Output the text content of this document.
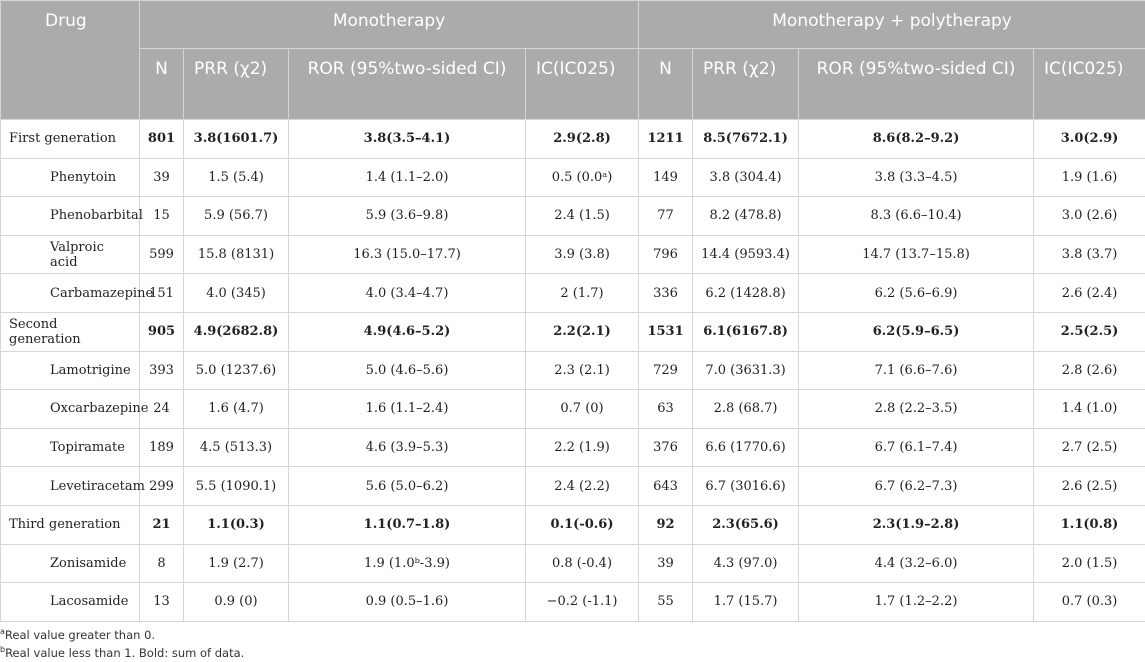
Drug	Monotherapy				Monotherapy + polytherapy			
	N	PRR (χ2)	ROR (95%two-sided CI)	IC(IC025)	N	PRR (χ2)	ROR (95%two-sided CI)	IC(IC025)
First generation	801	3.8(1601.7)	3.8(3.5–4.1)	2.9(2.8)	1211	8.5(7672.1)	8.6(8.2–9.2)	3.0(2.9)
Phenytoin	39	1.5 (5.4)	1.4 (1.1–2.0)	0.5 (0.0ᵃ)	149	3.8 (304.4)	3.8 (3.3–4.5)	1.9 (1.6)
Phenobarbital	15	5.9 (56.7)	5.9 (3.6–9.8)	2.4 (1.5)	77	8.2 (478.8)	8.3 (6.6–10.4)	3.0 (2.6)
Valproic acid	599	15.8 (8131)	16.3 (15.0–17.7)	3.9 (3.8)	796	14.4 (9593.4)	14.7 (13.7–15.8)	3.8 (3.7)
Carbamazepine	151	4.0 (345)	4.0 (3.4–4.7)	2 (1.7)	336	6.2 (1428.8)	6.2 (5.6–6.9)	2.6 (2.4)
Second generation	905	4.9(2682.8)	4.9(4.6–5.2)	2.2(2.1)	1531	6.1(6167.8)	6.2(5.9–6.5)	2.5(2.5)
Lamotrigine	393	5.0 (1237.6)	5.0 (4.6–5.6)	2.3 (2.1)	729	7.0 (3631.3)	7.1 (6.6–7.6)	2.8 (2.6)
Oxcarbazepine	24	1.6 (4.7)	1.6 (1.1–2.4)	0.7 (0)	63	2.8 (68.7)	2.8 (2.2–3.5)	1.4 (1.0)
Topiramate	189	4.5 (513.3)	4.6 (3.9–5.3)	2.2 (1.9)	376	6.6 (1770.6)	6.7 (6.1–7.4)	2.7 (2.5)
Levetiracetam	299	5.5 (1090.1)	5.6 (5.0–6.2)	2.4 (2.2)	643	6.7 (3016.6)	6.7 (6.2–7.3)	2.6 (2.5)
Third generation	21	1.1(0.3)	1.1(0.7–1.8)	0.1(-0.6)	92	2.3(65.6)	2.3(1.9–2.8)	1.1(0.8)
Zonisamide	8	1.9 (2.7)	1.9 (1.0ᵇ-3.9)	0.8 (-0.4)	39	4.3 (97.0)	4.4 (3.2–6.0)	2.0 (1.5)
Lacosamide	13	0.9 (0)	0.9 (0.5–1.6)	−0.2 (-1.1)	55	1.7 (15.7)	1.7 (1.2–2.2)	0.7 (0.3)
$^a$Real value greater than 0.
$^b$Real value less than 1. Bold: sum of data.
